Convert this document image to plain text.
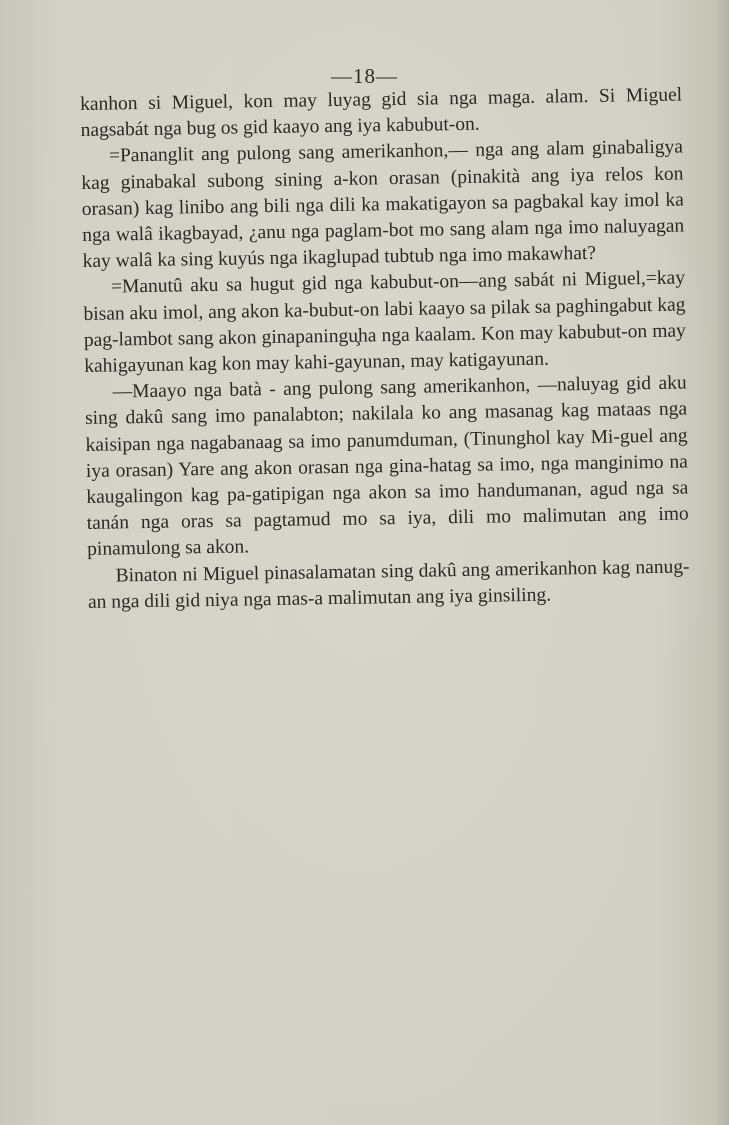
—18—

kanhon si Miguel, kon may luyag gid sia nga maga. alam. Si Miguel nagsabát nga bug os gid kaayo ang iya kabubut-on.

=Pananglit ang pulong sang amerikanhon,— nga ang alam ginabaligya kag ginabakal subong sining a-kon orasan (pinakità ang iya relos kon orasan) kag linibo ang bili nga dili ka makatigayon sa pagbakal kay imol ka nga walâ ikagbayad, ¿anu nga paglam-bot mo sang alam nga imo naluyagan kay walâ ka sing kuyús nga ikaglupad tubtub nga imo makawhat?

=Manutû aku sa hugut gid nga kabubut-on—ang sabát ni Miguel,=kay bisan aku imol, ang akon ka-bubut-on labi kaayo sa pilak sa paghingabut kag pag-lambot sang akon ginapaningu̧ha nga kaalam. Kon may kabubut-on may kahigayunan kag kon may kahi-gayunan, may katigayunan.

—Maayo nga batà - ang pulong sang amerikanhon, —naluyag gid aku sing dakû sang imo panalabton; nakilala ko ang masanag kag mataas nga kaisipan nga nagabanaag sa imo panumduman, (Tinunghol kay Mi-guel ang iya orasan) Yare ang akon orasan nga gina-hatag sa imo, nga manginimo na kaugalingon kag pa-gatipigan nga akon sa imo handumanan, agud nga sa tanán nga oras sa pagtamud mo sa iya, dili mo malimutan ang imo pinamulong sa akon.

Binaton ni Miguel pinasalamatan sing dakû ang amerikanhon kag nanug-an nga dili gid niya nga mas-a malimutan ang iya ginsiling.
